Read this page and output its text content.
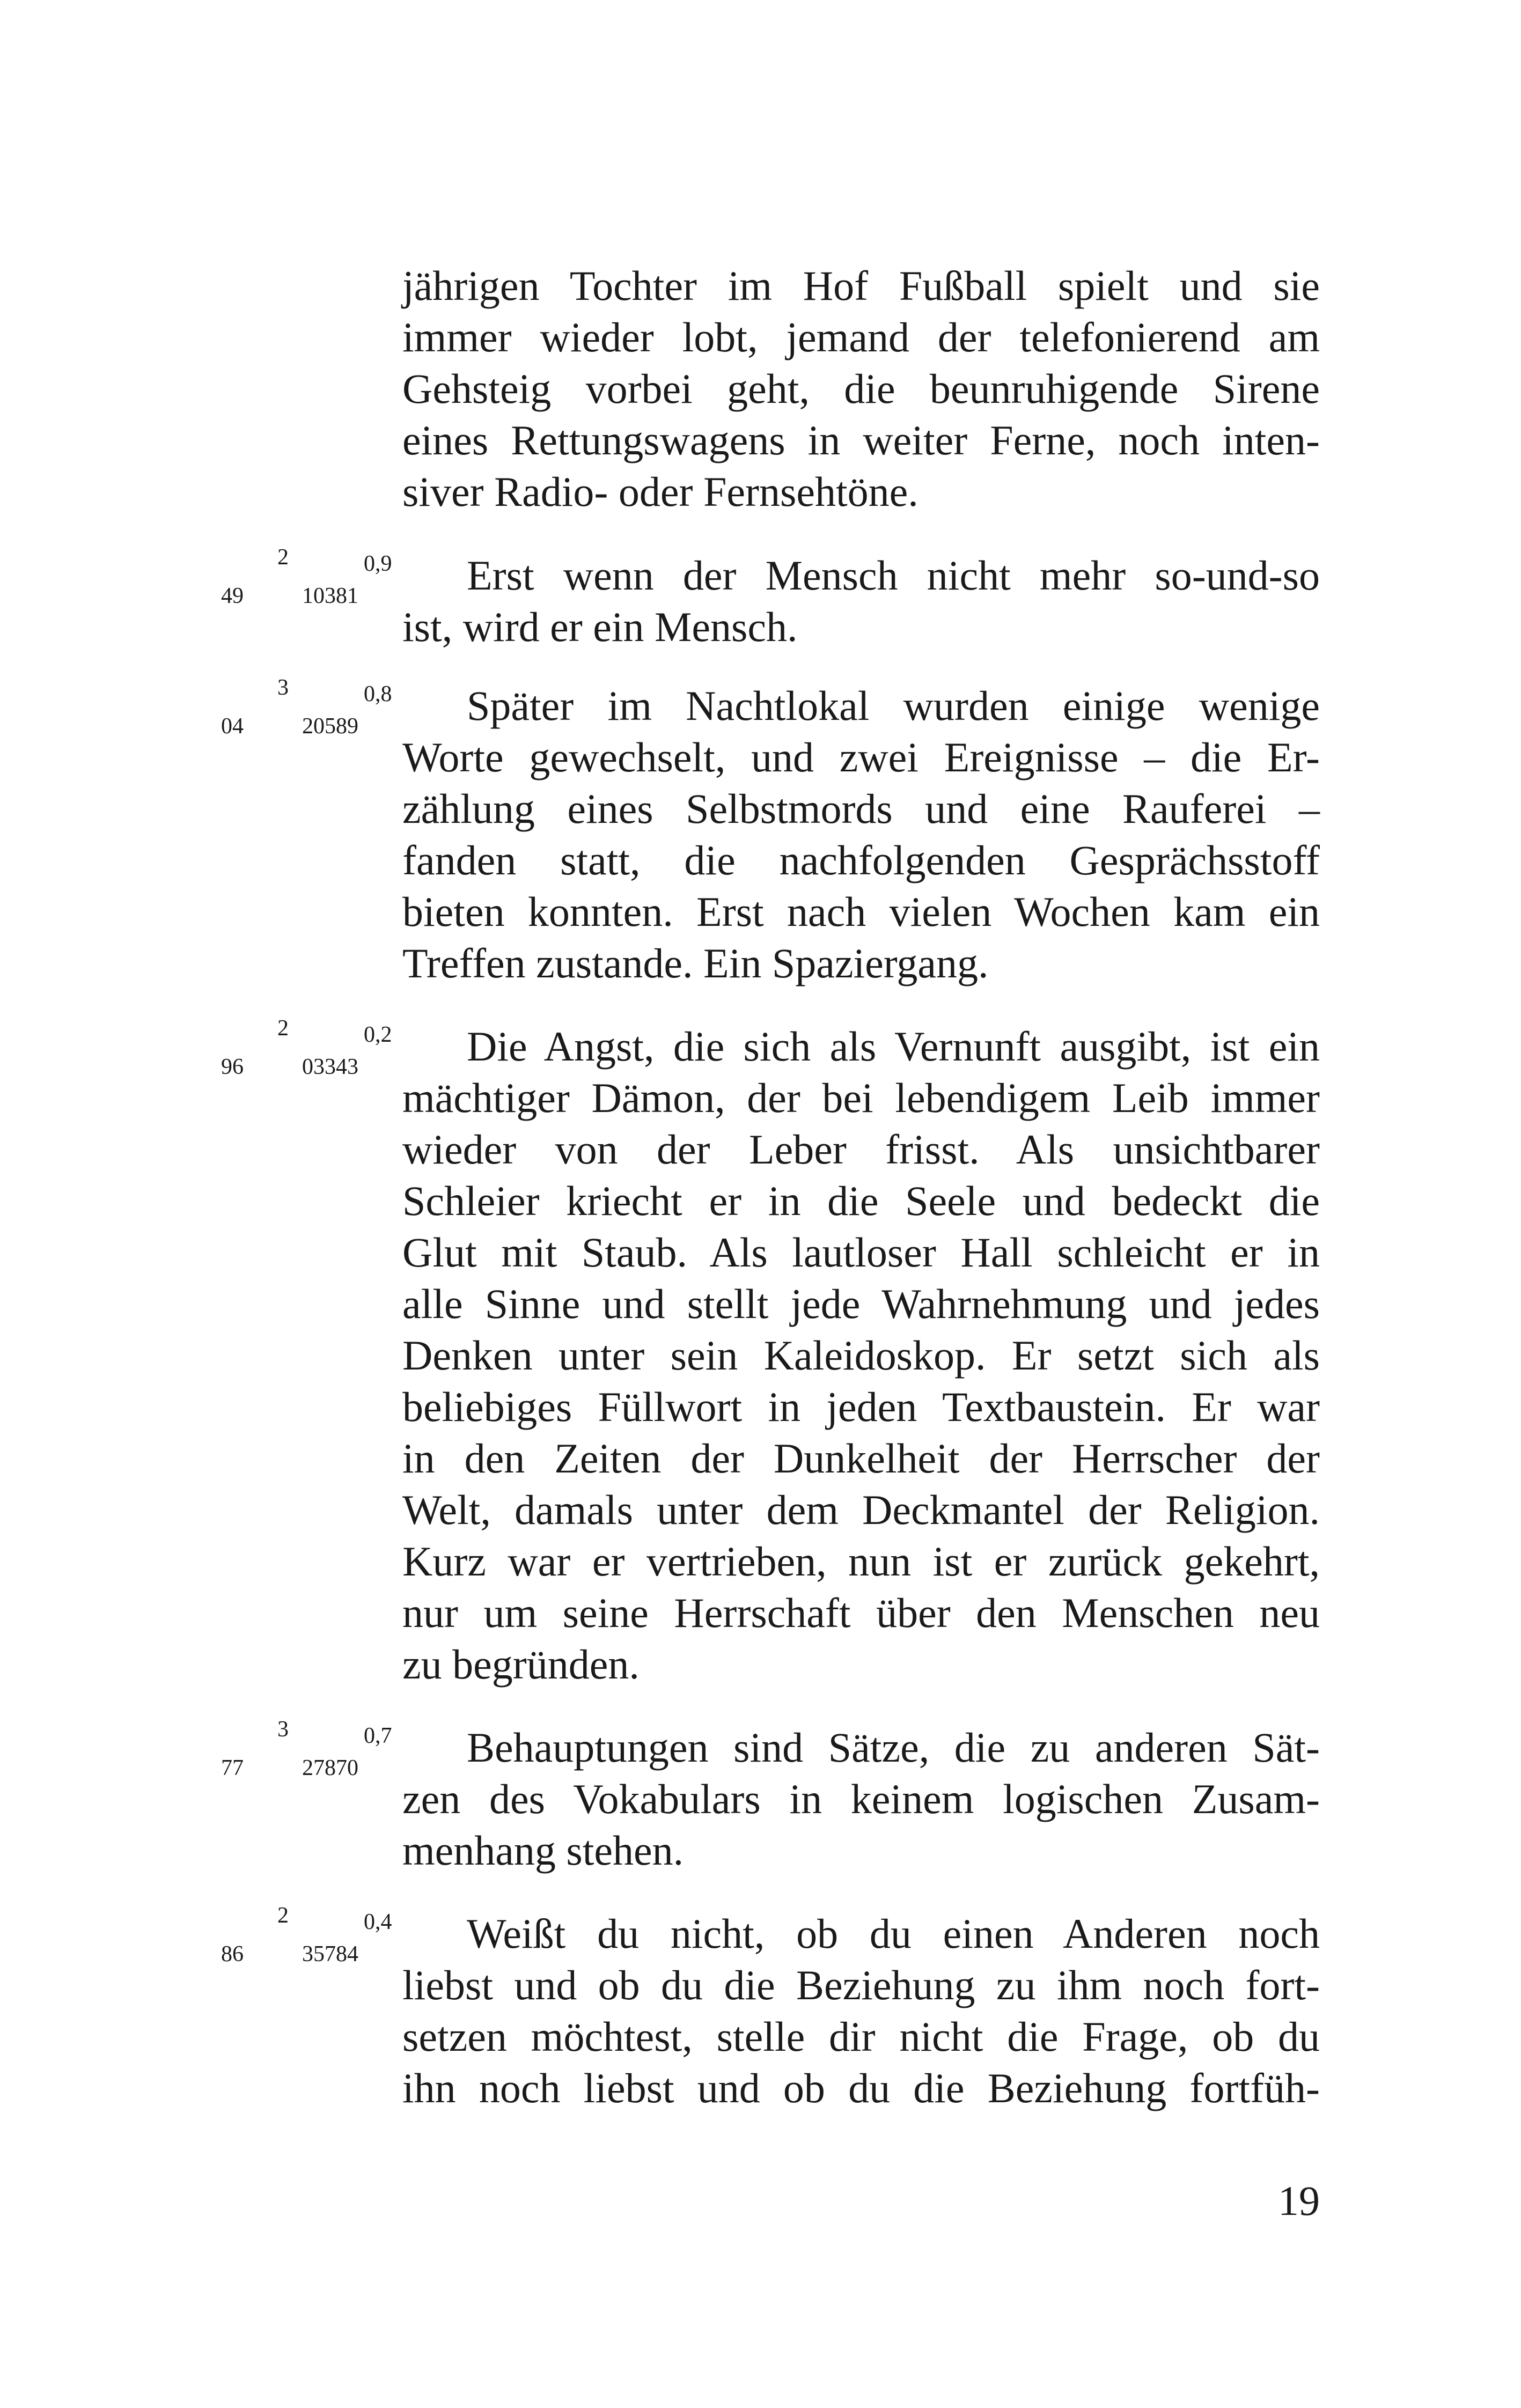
jährigen Tochter im Hof Fußball spielt und sie
immer wieder lobt, jemand der telefonierend am
Gehsteig vorbei geht, die beunruhigende Sirene
eines Rettungswagens in weiter Ferne, noch inten-
siver Radio- oder Fernsehtöne.
49
2
10381
0,9 Erst wenn der Mensch nicht mehr so-und-so
ist, wird er ein Mensch.
04
3
20589
0,8 Später im Nachtlokal wurden einige wenige
Worte gewechselt, und zwei Ereignisse – die Er-
zählung eines Selbstmords und eine Rauferei –
fanden statt, die nachfolgenden Gesprächsstoff
bieten konnten. Erst nach vielen Wochen kam ein
Treffen zustande. Ein Spaziergang.
96
2
03343
0,2 Die Angst, die sich als Vernunft ausgibt, ist ein
mächtiger Dämon, der bei lebendigem Leib immer
wieder von der Leber frisst. Als unsichtbarer
Schleier kriecht er in die Seele und bedeckt die
Glut mit Staub. Als lautloser Hall schleicht er in
alle Sinne und stellt jede Wahrnehmung und jedes
Denken unter sein Kaleidoskop. Er setzt sich als
beliebiges Füllwort in jeden Textbaustein. Er war
in den Zeiten der Dunkelheit der Herrscher der
Welt, damals unter dem Deckmantel der Religion.
Kurz war er vertrieben, nun ist er zurück gekehrt,
nur um seine Herrschaft über den Menschen neu
zu begründen.
77
3
27870
0,7 Behauptungen sind Sätze, die zu anderen Sät-
zen des Vokabulars in keinem logischen Zusam-
menhang stehen.
86
2
35784
0,4 Weißt du nicht, ob du einen Anderen noch
liebst und ob du die Beziehung zu ihm noch fort-
setzen möchtest, stelle dir nicht die Frage, ob du
ihn noch liebst und ob du die Beziehung fortfüh-
19
